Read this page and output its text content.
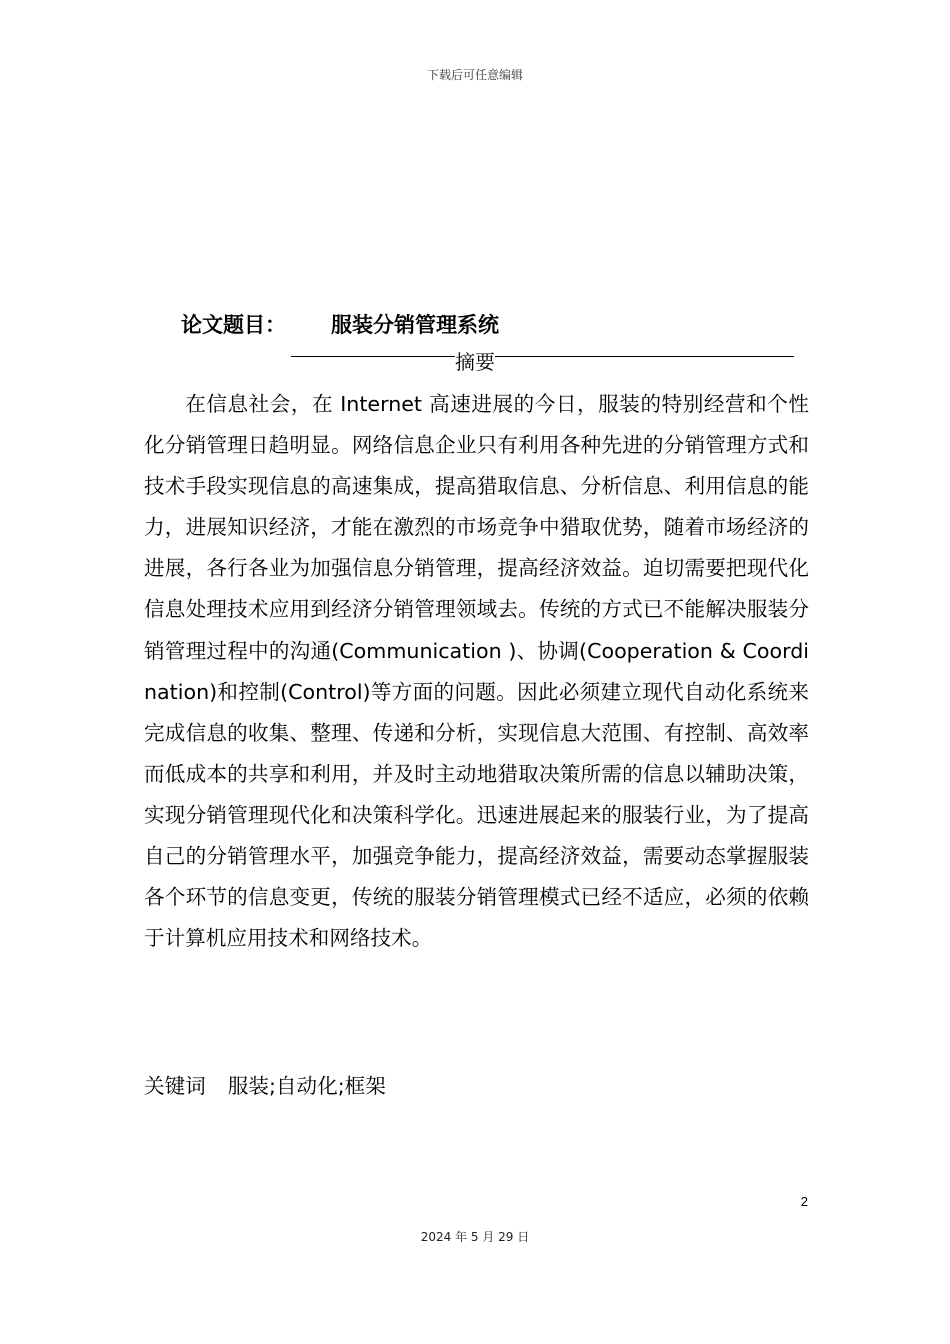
下载后可任意编辑
论文题目： 服装分销管理系统
摘要
在信息社会，在 Internet 高速进展的今日，服装的特别经营和个性化分销管理日趋明显。网络信息企业只有利用各种先进的分销管理方式和技术手段实现信息的高速集成，提高猎取信息、分析信息、利用信息的能力，进展知识经济，才能在激烈的市场竞争中猎取优势，随着市场经济的进展，各行各业为加强信息分销管理，提高经济效益。迫切需要把现代化信息处理技术应用到经济分销管理领域去。传统的方式已不能解决服装分销管理过程中的沟通(Communication )、协调(Cooperation & Coordination)和控制(Control)等方面的问题。因此必须建立现代自动化系统来完成信息的收集、整理、传递和分析，实现信息大范围、有控制、高效率而低成本的共享和利用，并及时主动地猎取决策所需的信息以辅助决策，实现分销管理现代化和决策科学化。迅速进展起来的服装行业，为了提高自己的分销管理水平，加强竞争能力，提高经济效益，需要动态掌握服装各个环节的信息变更，传统的服装分销管理模式已经不适应，必须的依赖于计算机应用技术和网络技术。
关键词 服装;自动化;框架
2
2024 年 5 月 29 日
